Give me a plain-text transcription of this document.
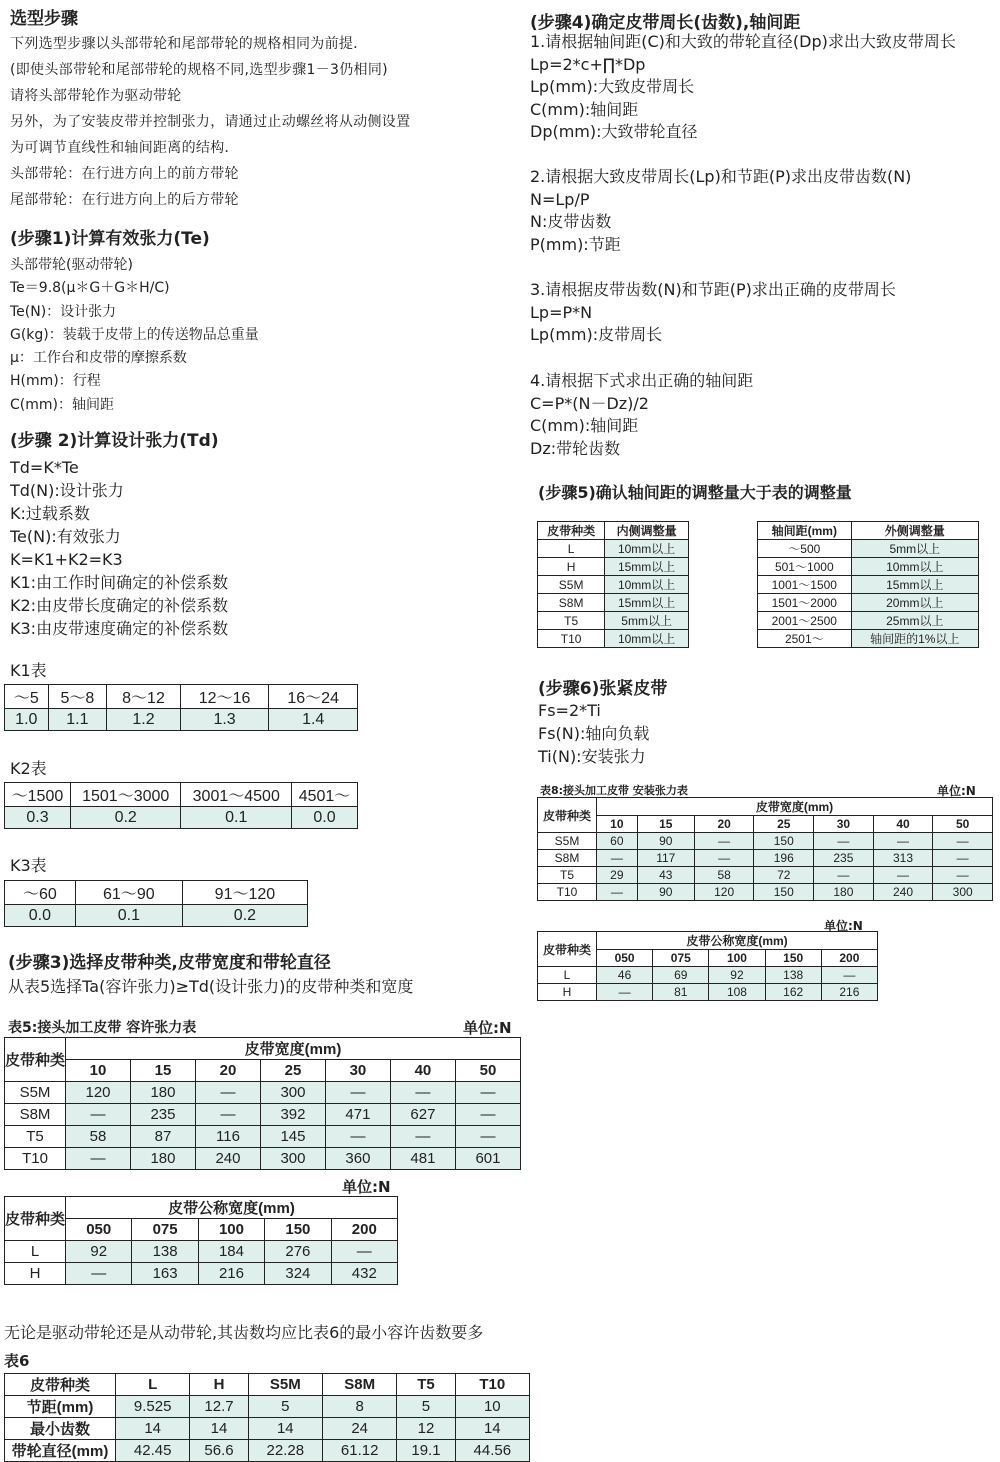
选型步骤
下列选型步骤以头部带轮和尾部带轮的规格相同为前提．
(即使头部带轮和尾部带轮的规格不同,选型步骤1－3仍相同)
请将头部带轮作为驱动带轮
另外，为了安装皮带并控制张力，请通过止动螺丝将从动侧设置
为可调节直线性和轴间距离的结构．
头部带轮：在行进方向上的前方带轮
尾部带轮：在行进方向上的后方带轮
(步骤1)计算有效张力(Te)
头部带轮(驱动带轮)
Te＝9.8(μ＊G＋G＊H/C)
Te(N)：设计张力
G(kg)：装载于皮带上的传送物品总重量
μ：工作台和皮带的摩擦系数
H(mm)：行程
C(mm)：轴间距
(步骤 2)计算设计张力(Td)
Td=K*Te
Td(N):设计张力
K:过载系数
Te(N):有效张力
K=K1+K2=K3
K1:由工作时间确定的补偿系数
K2:由皮带长度确定的补偿系数
K3:由皮带速度确定的补偿系数
K1表
～5	5～8	8～12	12～16	16～24
1.0	1.1	1.2	1.3	1.4
K2表
～1500	1501～3000	3001～4500	4501～
0.3	0.2	0.1	0.0
K3表
～60	61～90	91～120
0.0	0.1	0.2
(步骤3)选择皮带种类,皮带宽度和带轮直径
从表5选择Ta(容许张力)≥Td(设计张力)的皮带种类和宽度
表5:接头加工皮带 容许张力表	单位:N
皮带种类	皮带宽度(mm)						
	10	15	20	25	30	40	50
S5M	120	180	—	300	—	—	—
S8M	—	235	—	392	471	627	—
T5	58	87	116	145	—	—	—
T10	—	180	240	300	360	481	601
单位:N
皮带种类	皮带公称宽度(mm)				
	050	075	100	150	200
L	92	138	184	276	—
H	—	163	216	324	432
无论是驱动带轮还是从动带轮,其齿数均应比表6的最小容许齿数要多
表6
皮带种类	L	H	S5M	S8M	T5	T10
节距(mm)	9.525	12.7	5	8	5	10
最小齿数	14	14	14	24	12	14
带轮直径(mm)	42.45	56.6	22.28	61.12	19.1	44.56
(步骤4)确定皮带周长(齿数),轴间距
1.请根据轴间距(C)和大致的带轮直径(Dp)求出大致皮带周长
Lp=2*c+∏*Dp
Lp(mm):大致皮带周长
C(mm):轴间距
Dp(mm):大致带轮直径
2.请根据大致皮带周长(Lp)和节距(P)求出皮带齿数(N)
N=Lp/P
N:皮带齿数
P(mm):节距
3.请根据皮带齿数(N)和节距(P)求出正确的皮带周长
Lp=P*N
Lp(mm):皮带周长
4.请根据下式求出正确的轴间距
C=P*(N－Dz)/2
C(mm):轴间距
Dz:带轮齿数
(步骤5)确认轴间距的调整量大于表的调整量
皮带种类	内侧调整量
L	10mm以上
H	15mm以上
S5M	10mm以上
S8M	15mm以上
T5	5mm以上
T10	10mm以上
轴间距(mm)	外侧调整量
～500	5mm以上
501～1000	10mm以上
1001～1500	15mm以上
1501～2000	20mm以上
2001～2500	25mm以上
2501～	轴间距的1%以上
(步骤6)张紧皮带
Fs=2*Ti
Fs(N):轴向负载
Ti(N):安装张力
表8:接头加工皮带 安装张力表	单位:N
皮带种类	皮带宽度(mm)						
	10	15	20	25	30	40	50
S5M	60	90	—	150	—	—	—
S8M	—	117	—	196	235	313	—
T5	29	43	58	72	—	—	—
T10	—	90	120	150	180	240	300
单位:N
皮带种类	皮带公称宽度(mm)				
	050	075	100	150	200
L	46	69	92	138	—
H	—	81	108	162	216
